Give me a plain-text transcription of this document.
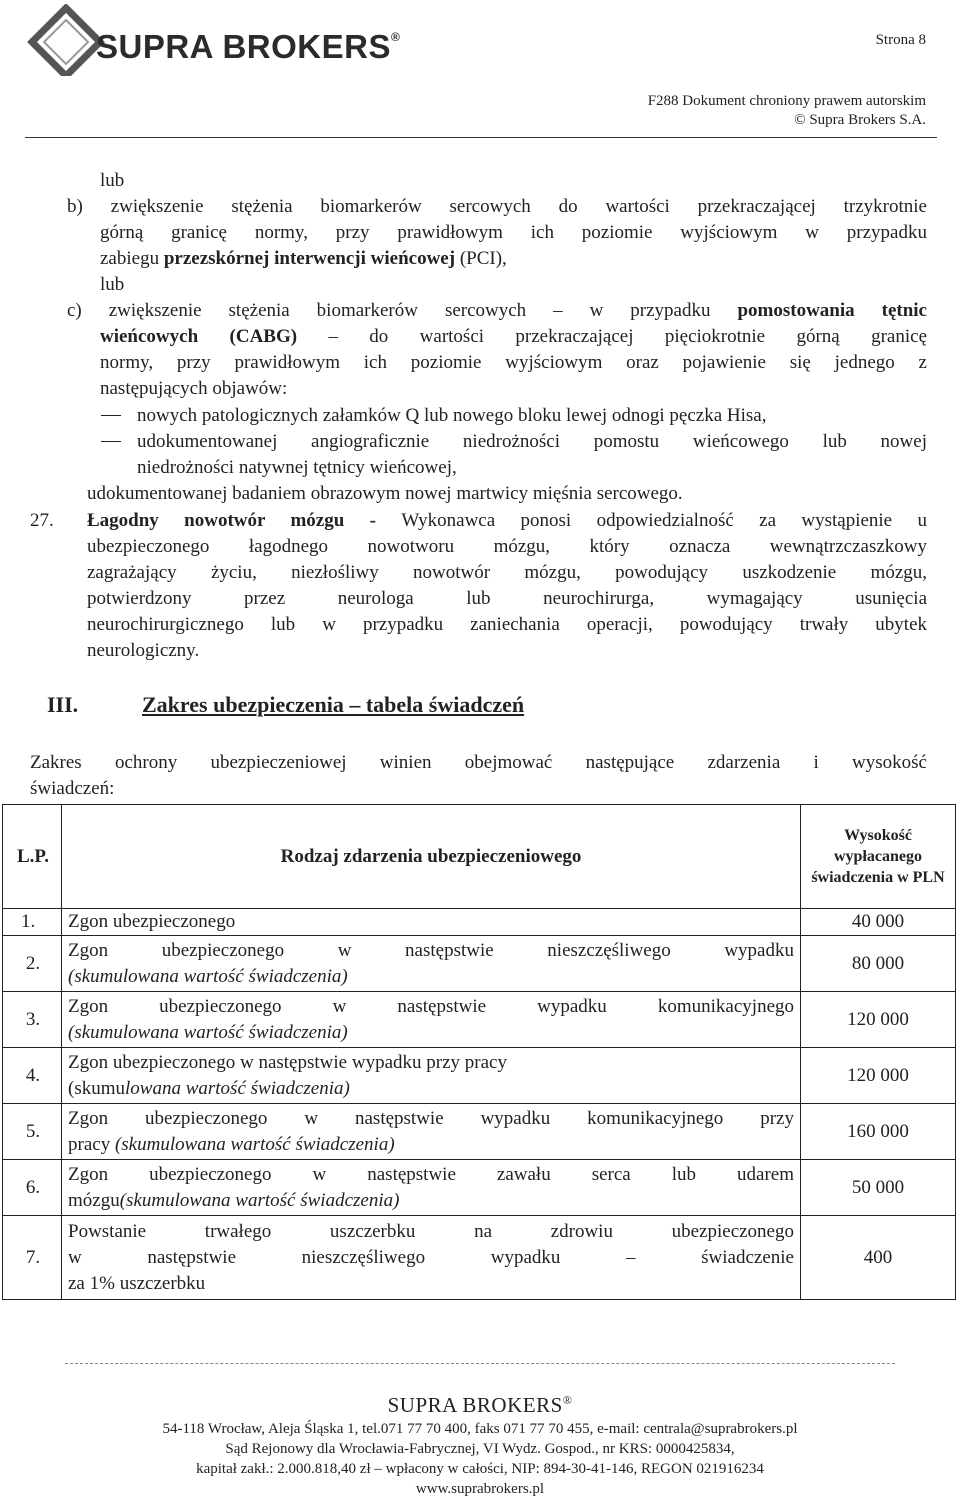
SUPRA BROKERS®	Strona 8
F288 Dokument chroniony prawem autorskim
© Supra Brokers S.A.
lub
b) zwiększenie stężenia biomarkerów sercowych do wartości przekraczającej trzykrotnie
górną granicę normy, przy prawidłowym ich poziomie wyjściowym w przypadku
zabiegu przezskórnej interwencji wieńcowej (PCI),
lub
c) zwiększenie stężenia biomarkerów sercowych – w przypadku pomostowania tętnic
wieńcowych (CABG) – do wartości przekraczającej pięciokrotnie górną granicę
normy, przy prawidłowym ich poziomie wyjściowym oraz pojawienie się jednego z
następujących objawów:
nowych patologicznych załamków Q lub nowego bloku lewej odnogi pęczka Hisa,
udokumentowanej angiograficznie niedrożności pomostu wieńcowego lub nowej
niedrożności natywnej tętnicy wieńcowej,
udokumentowanej badaniem obrazowym nowej martwicy mięśnia sercowego.
27. Łagodny nowotwór mózgu - Wykonawca ponosi odpowiedzialność za wystąpienie u
ubezpieczonego łagodnego nowotworu mózgu, który oznacza wewnątrzczaszkowy
zagrażający życiu, niezłośliwy nowotwór mózgu, powodujący uszkodzenie mózgu,
potwierdzony przez neurologa lub neurochirurga, wymagający usunięcia
neurochirurgicznego lub w przypadku zaniechania operacji, powodujący trwały ubytek
neurologiczny.
III.	Zakres ubezpieczenia – tabela świadczeń
Zakres ochrony ubezpieczeniowej winien obejmować następujące zdarzenia i wysokość
świadczeń:
L.P.	Rodzaj zdarzenia ubezpieczeniowego	Wysokość
wypłacanego
świadczenia w PLN

1.	Zgon ubezpieczonego	40 000
2.	Zgon ubezpieczonego w następstwie nieszczęśliwego wypadku
(skumulowana wartość świadczenia)	80 000
3.	Zgon ubezpieczonego w następstwie wypadku komunikacyjnego
(skumulowana wartość świadczenia)	120 000
4.	Zgon ubezpieczonego w następstwie wypadku przy pracy
(skumulowana wartość świadczenia)	120 000
5.	Zgon ubezpieczonego w następstwie wypadku komunikacyjnego przy
pracy (skumulowana wartość świadczenia)	160 000
6.	Zgon ubezpieczonego w następstwie zawału serca lub udarem
mózgu(skumulowana wartość świadczenia)	50 000
7.	Powstanie trwałego uszczerbku na zdrowiu ubezpieczonego
w następstwie nieszczęśliwego wypadku – świadczenie
za 1% uszczerbku	400
SUPRA BROKERS®
54-118 Wrocław, Aleja Śląska 1, tel.071 77 70 400, faks 071 77 70 455, e-mail: centrala@suprabrokers.pl
Sąd Rejonowy dla Wrocławia-Fabrycznej, VI Wydz. Gospod., nr KRS: 0000425834,
kapitał zakł.: 2.000.818,40 zł – wpłacony w całości, NIP: 894-30-41-146, REGON 021916234
www.suprabrokers.pl
